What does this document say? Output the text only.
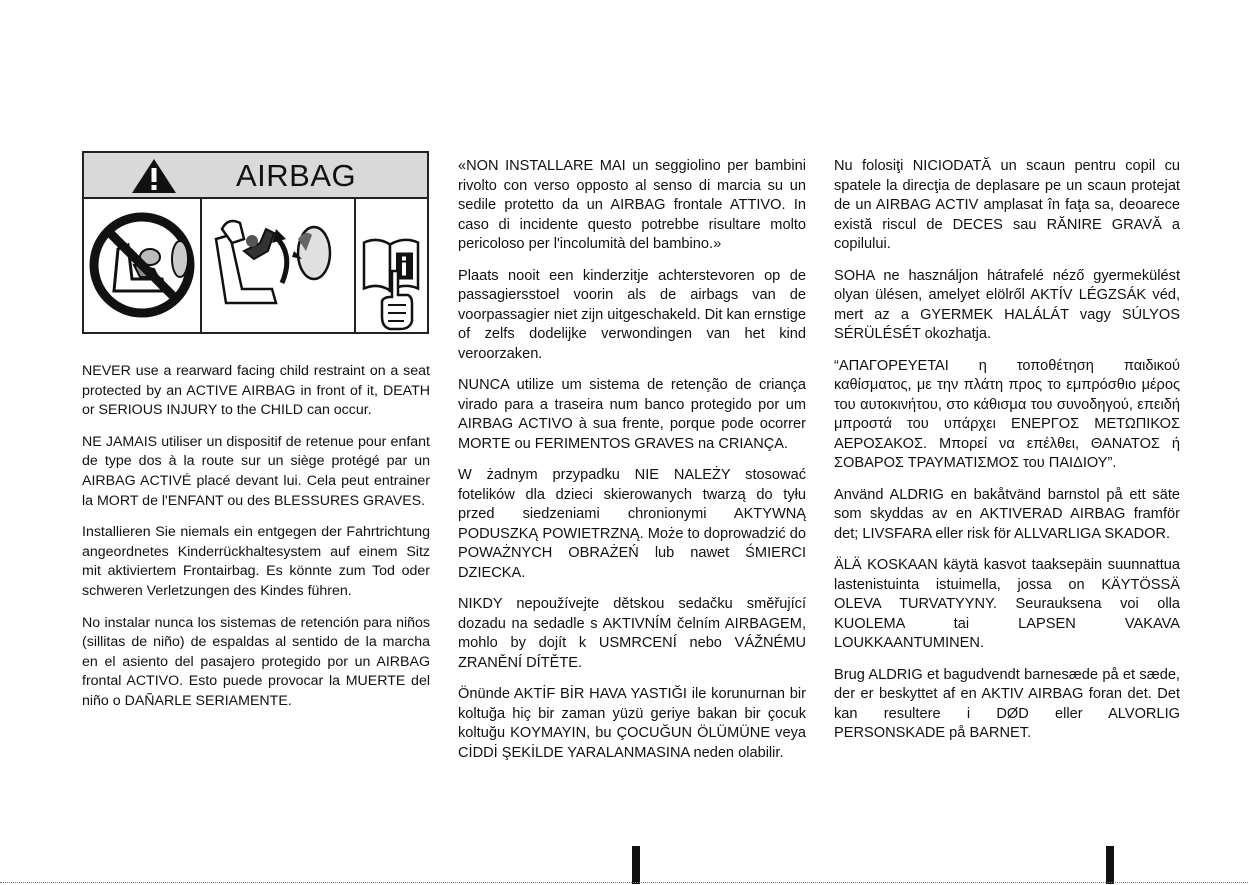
AIRBAG

NEVER use a rearward facing child restraint on a seat protected by an ACTIVE AIRBAG in front of it, DEATH or SERIOUS INJURY to the CHILD can occur.

NE JAMAIS utiliser un dispositif de retenue pour enfant de type dos à la route sur un siège protégé par un AIRBAG ACTIVÉ placé devant lui. Cela peut entrainer la MORT de l'ENFANT ou des BLESSURES GRAVES.

Installieren Sie niemals ein entgegen der Fahrtrichtung angeordnetes Kinderrückhaltesystem auf einem Sitz mit aktiviertem Frontairbag. Es könnte zum Tod oder schweren Verletzungen des Kindes führen.

No instalar nunca los sistemas de retención para niños (sillitas de niño) de espaldas al sentido de la marcha en el asiento del pasajero protegido por un AIRBAG frontal ACTIVO. Esto puede provocar la MUERTE del niño o DAÑARLE SERIAMENTE.

«NON INSTALLARE MAI un seggiolino per bambini rivolto con verso opposto al senso di marcia su un sedile protetto da un AIRBAG frontale ATTIVO. In caso di incidente questo potrebbe risultare molto pericoloso per l'incolumità del bambino.»

Plaats nooit een kinderzitje achterstevoren op de passagiersstoel voorin als de airbags van de voorpassagier niet zijn uitgeschakeld. Dit kan ernstige of zelfs dodelijke verwondingen van het kind veroorzaken.

NUNCA utilize um sistema de retenção de criança virado para a traseira num banco protegido por um AIRBAG ACTIVO à sua frente, porque pode ocorrer MORTE ou FERIMENTOS GRAVES na CRIANÇA.

W żadnym przypadku NIE NALEŻY stosować fotelików dla dzieci skierowanych twarzą do tyłu przed siedzeniami chronionymi AKTYWNĄ PODUSZKĄ POWIETRZNĄ. Może to doprowadzić do POWAŻNYCH OBRAŻEŃ lub nawet ŚMIERCI DZIECKA.

NIKDY nepoužívejte dětskou sedačku směřující dozadu na sedadle s AKTIVNÍM čelním AIRBAGEM, mohlo by dojít k USMRCENÍ nebo VÁŽNÉMU ZRANĚNÍ DÍTĚTE.

Önünde AKTİF BİR HAVA YASTIĞI ile korunurnan bir koltuğa hiç bir zaman yüzü geriye bakan bir çocuk koltuğu KOYMAYIN, bu ÇOCUĞUN ÖLÜMÜNE veya CİDDİ ŞEKİLDE YARALANMASINA neden olabilir.

Nu folosiţi NICIODATĂ un scaun pentru copil cu spatele la direcţia de deplasare pe un scaun protejat de un AIRBAG ACTIV amplasat în faţa sa, deoarece există riscul de DECES sau RĂNIRE GRAVĂ a copilului.

SOHA ne használjon hátrafelé néző gyermekülést olyan ülésen, amelyet elölről AKTÍV LÉGZSÁK véd, mert az a GYERMEK HALÁLÁT vagy SÚLYOS SÉRÜLÉSÉT okozhatja.

“ΑΠΑΓΟΡΕΥΕΤΑΙ η τοποθέτηση παιδικού καθίσματος, με την πλάτη προς το εμπρόσθιο μέρος του αυτοκινήτου, στο κάθισμα του συνοδηγού, επειδή μπροστά του υπάρχει ΕΝΕΡΓΟΣ ΜΕΤΩΠΙΚΟΣ ΑΕΡΟΣΑΚΟΣ. Μπορεί να επέλθει, ΘΑΝΑΤΟΣ ή ΣΟΒΑΡΟΣ ΤΡΑΥΜΑΤΙΣΜΟΣ του ΠΑΙΔΙΟΥ”.

Använd ALDRIG en bakåtvänd barnstol på ett säte som skyddas av en AKTIVERAD AIRBAG framför det; LIVSFARA eller risk för ALLVARLIGA SKADOR.

ÄLÄ KOSKAAN käytä kasvot taaksepäin suunnattua lastenistuinta istuimella, jossa on KÄYTÖSSÄ OLEVA TURVATYYNY. Seurauksena voi olla KUOLEMA tai LAPSEN VAKAVA LOUKKAANTUMINEN.

Brug ALDRIG et bagudvendt barnesæde på et sæde, der er beskyttet af en AKTIV AIRBAG foran det. Det kan resultere i DØD eller ALVORLIG PERSONSKADE på BARNET.
